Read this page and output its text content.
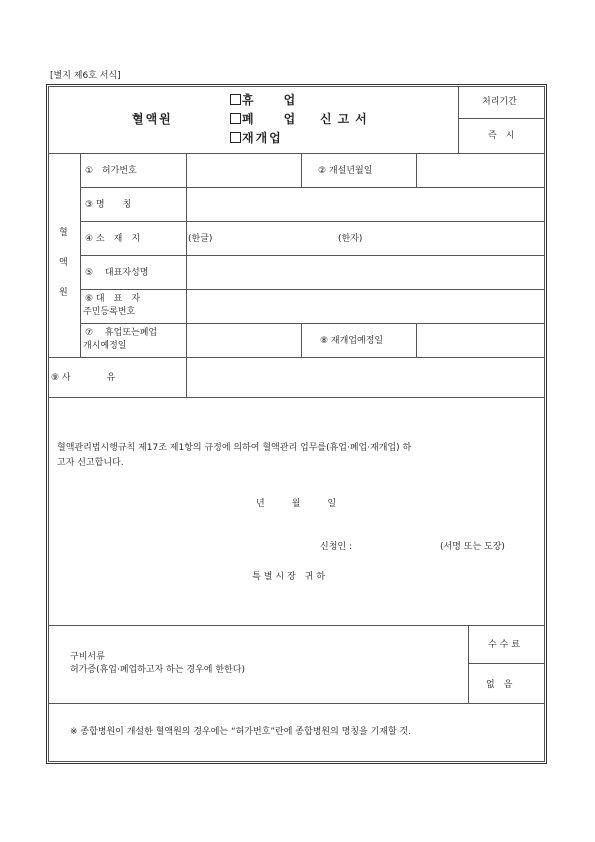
[별지 제6호 서식]
혈액원
휴　　업
폐　　업
재개업
신고서
처리기간
즉　시
혈액원
① 허가번호	② 개설년월일
③ 명　　칭
④ 소　재　지	(한글)	(한자)
⑤ 　대표자성명
⑥ 대　표　자
주민등록번호
⑦ 　휴업또는폐업
개시예정일	⑧ 재개업예정일
⑨ 사　　　　유
혈액관리법시행규칙 제17조 제1항의 규정에 의하여 혈액관리 업무를(휴업·폐업·재개업) 하
고자 신고합니다.
년　　　월　　　일
신청인 :	(서명 또는 도장)
특별시장 귀하
구비서류
허가증(휴업·폐업하고자 하는 경우에 한한다)
수수료
없　음
※ 종합병원이 개설한 혈액원의 경우에는 “허가번호”란에 종합병원의 명칭을 기재할 것.
